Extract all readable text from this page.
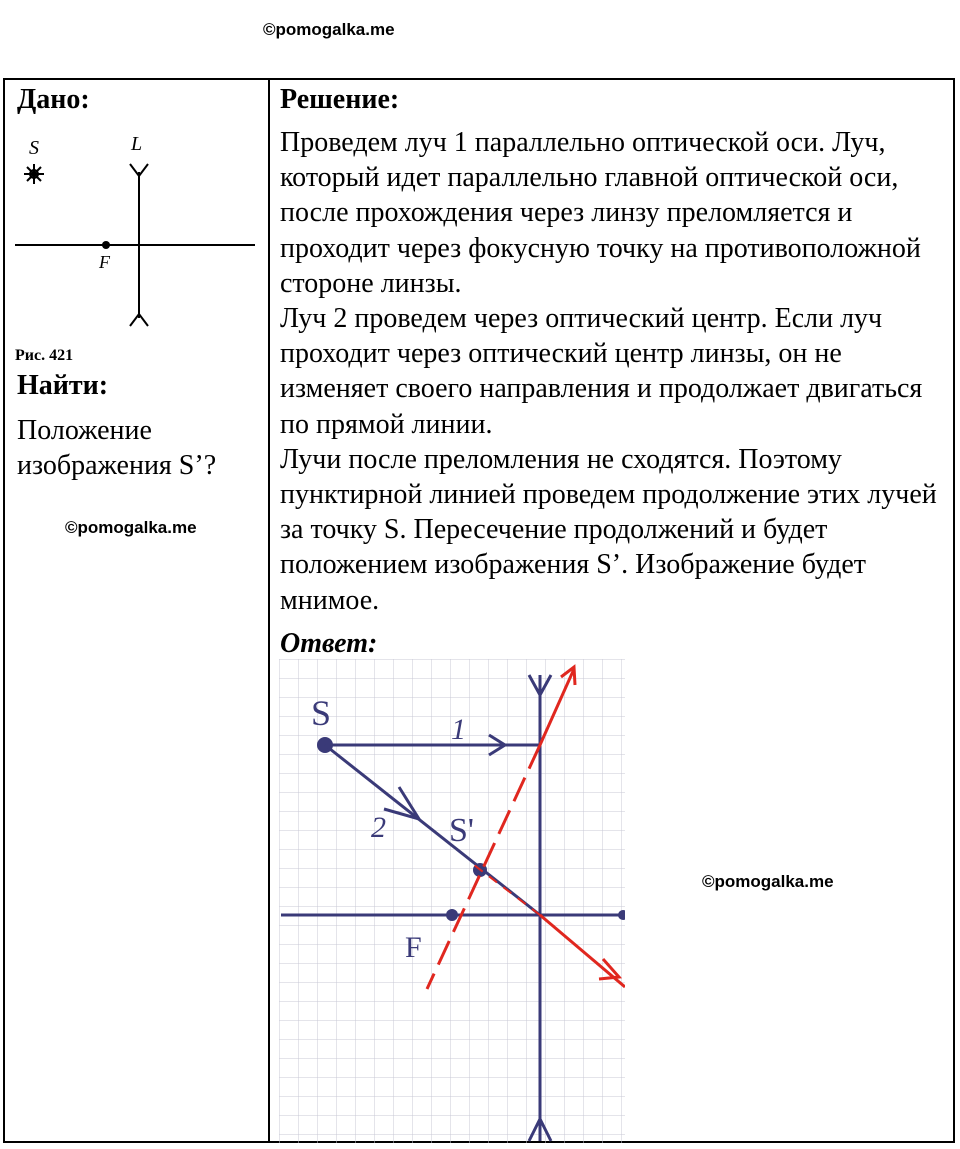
©pomogalka.me
Дано:
S	L
F
Рис. 421
Найти:
Положение изображения S’?
©pomogalka.me
Решение:

Проведем луч 1 параллельно оптической оси. Луч, который идет параллельно главной оптической оси, после прохождения через линзу преломляется и проходит через фокусную точку на противоположной стороне линзы.

Луч 2 проведем через оптический центр. Если луч проходит через оптический центр линзы, он не изменяет своего направления и продолжает двигаться по прямой линии.

Лучи после преломления не сходятся. Поэтому пунктирной линией проведем продолжение этих лучей за точку S. Пересечение продолжений и будет положением изображения S’. Изображение будет мнимое.

Ответ:
S	1
2 S'
F
©pomogalka.me
